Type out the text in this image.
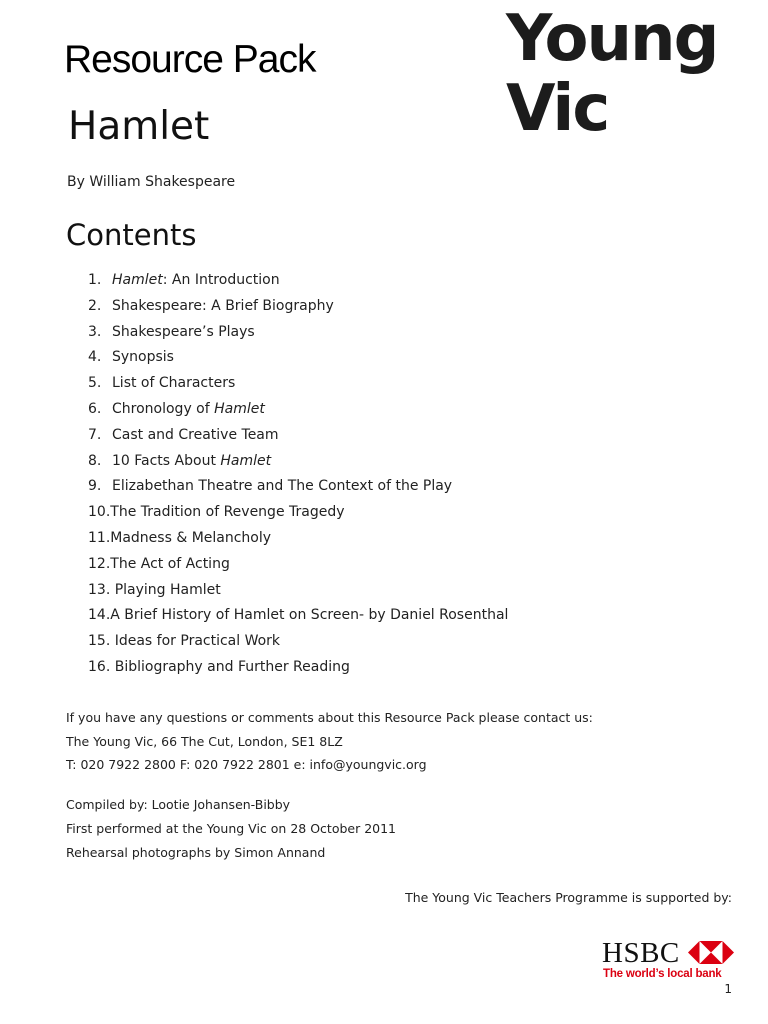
Resource Pack	Young
Vic
Hamlet
By William Shakespeare
Contents
1. Hamlet: An Introduction
2. Shakespeare: A Brief Biography
3. Shakespeare’s Plays
4. Synopsis
5. List of Characters
6. Chronology of Hamlet
7. Cast and Creative Team
8. 10 Facts About Hamlet
9. Elizabethan Theatre and The Context of the Play
10.The Tradition of Revenge Tragedy
11.Madness & Melancholy
12.The Act of Acting
13. Playing Hamlet
14.A Brief History of Hamlet on Screen- by Daniel Rosenthal
15. Ideas for Practical Work
16. Bibliography and Further Reading
If you have any questions or comments about this Resource Pack please contact us:
The Young Vic, 66 The Cut, London, SE1 8LZ
T: 020 7922 2800 F: 020 7922 2801 e: info@youngvic.org
Compiled by: Lootie Johansen-Bibby
First performed at the Young Vic on 28 October 2011
Rehearsal photographs by Simon Annand
The Young Vic Teachers Programme is supported by:
HSBC
The world’s local bank
1
